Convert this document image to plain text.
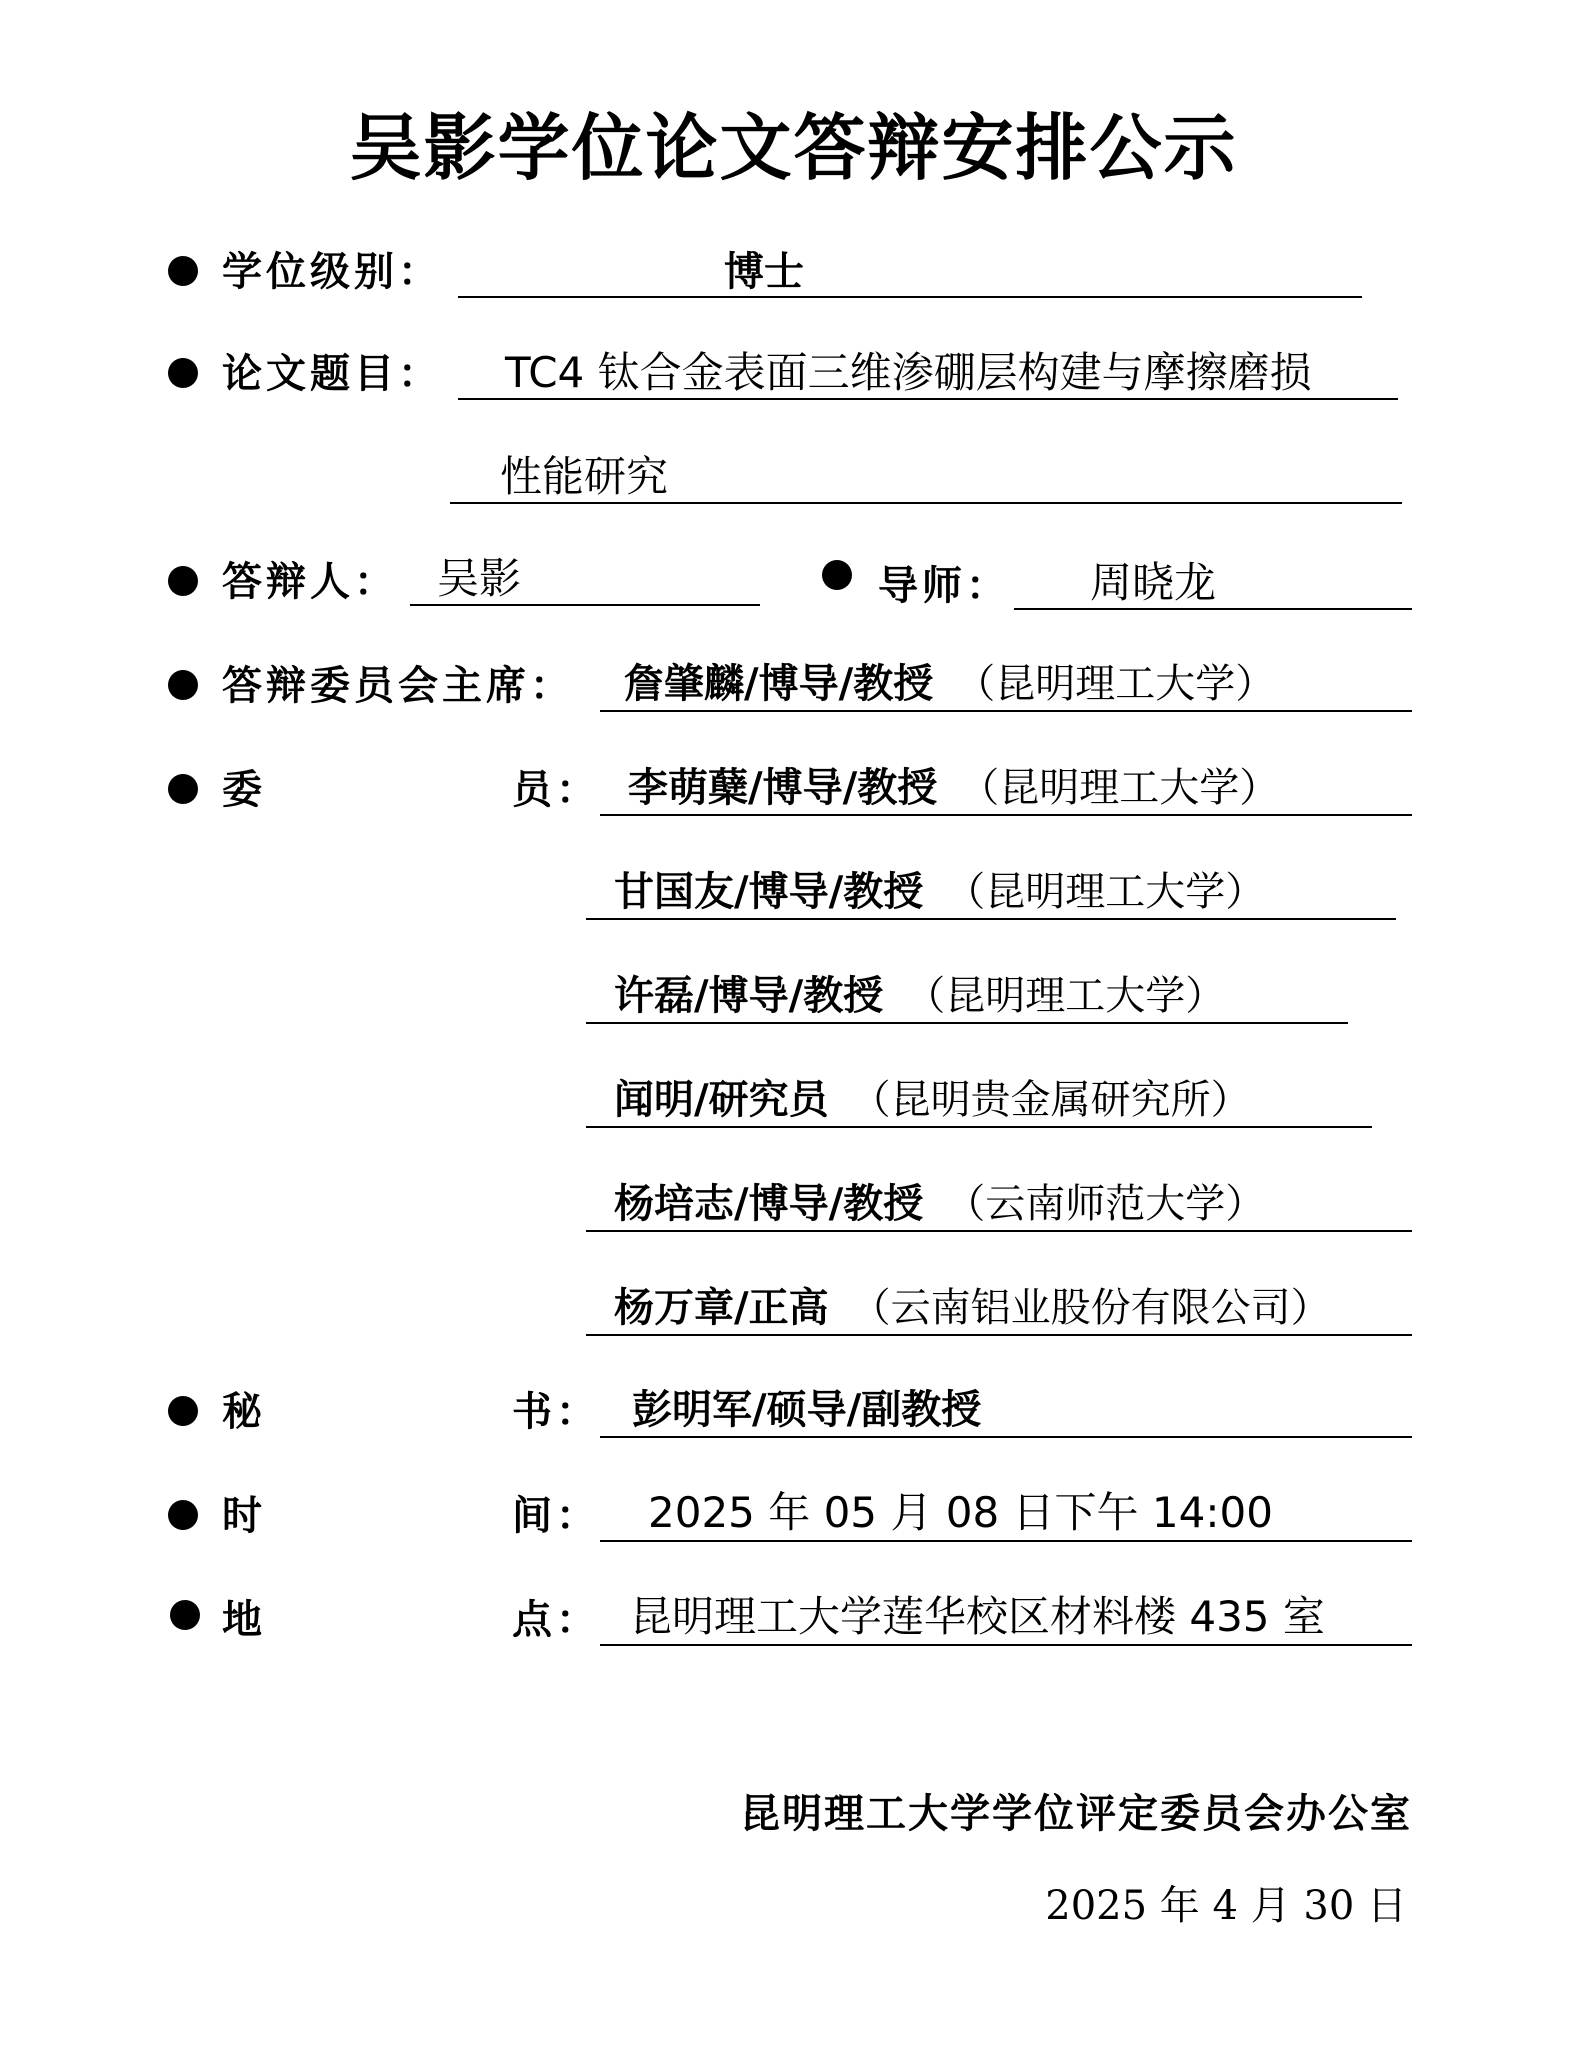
吴影学位论文答辩安排公示
学位级别：	博士
论文题目： TC4 钛合金表面三维渗硼层构建与摩擦磨损
性能研究
答辩人： 吴影	导师： 周晓龙
答辩委员会主席： 詹肇麟/博导/教授 （昆明理工大学）
委	员： 李萌蘖/博导/教授 （昆明理工大学）
甘国友/博导/教授 （昆明理工大学）
许磊/博导/教授 （昆明理工大学）
闻明/研究员 （昆明贵金属研究所）
杨培志/博导/教授 （云南师范大学）
杨万章/正高 （云南铝业股份有限公司）
秘	书： 彭明军/硕导/副教授
时	间： 2025 年 05 月 08 日下午 14:00
地	点： 昆明理工大学莲华校区材料楼 435 室
昆明理工大学学位评定委员会办公室
2025 年 4 月 30 日
